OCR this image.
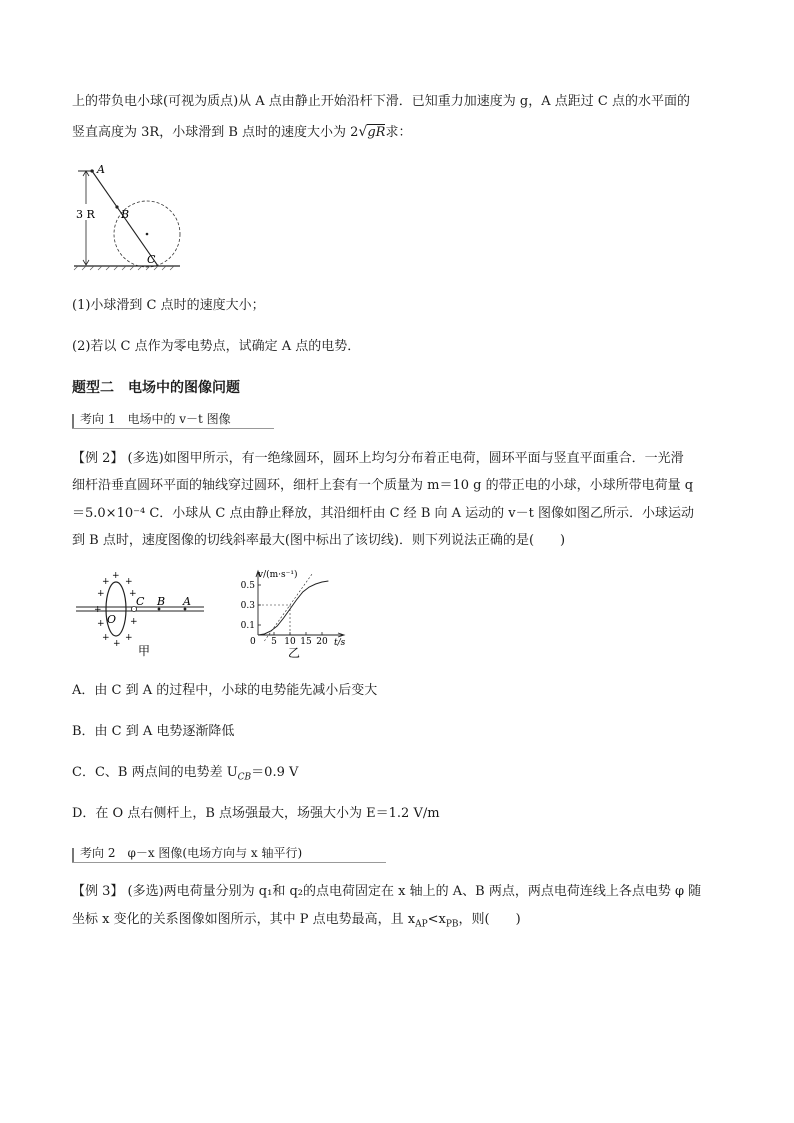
上的带负电小球(可视为质点)从 A 点由静止开始沿杆下滑．已知重力加速度为 g，A 点距过 C 点的水平面的
竖直高度为 3R，小球滑到 B 点时的速度大小为 2√gR求：
3 R
A
B
C
(1)小球滑到 C 点时的速度大小；
(2)若以 C 点作为零电势点，试确定 A 点的电势．
题型二　电场中的图像问题
考向 1　电场中的 v－t 图像
【例 2】 (多选)如图甲所示，有一绝缘圆环，圆环上均匀分布着正电荷，圆环平面与竖直平面重合．一光滑
细杆沿垂直圆环平面的轴线穿过圆环，细杆上套有一个质量为 m＝10 g 的带正电的小球，小球所带电荷量 q
＝5.0×10⁻⁴ C．小球从 C 点由静止释放，其沿细杆由 C 经 B 向 A 运动的 v－t 图像如图乙所示．小球运动
到 B 点时，速度图像的切线斜率最大(图中标出了该切线)．则下列说法正确的是(　　)
+
+ +
+	+
+
+
+
+ +
+
O
C B A
甲
v/(m·s⁻¹)
t/s
0
0.5
0.3
0.1
5 10 15 20
乙
A．由 C 到 A 的过程中，小球的电势能先减小后变大
B．由 C 到 A 电势逐渐降低
C．C、B 两点间的电势差 $U_{CB}=0.9$ V
D．在 O 点右侧杆上，B 点场强最大，场强大小为 E＝1.2 V/m
考向 2　φ－x 图像(电场方向与 x 轴平行)
【例 3】 (多选)两电荷量分别为 q₁和 q₂的点电荷固定在 x 轴上的 A、B 两点，两点电荷连线上各点电势 φ 随
坐标 x 变化的关系图像如图所示，其中 P 点电势最高，且 $x_{AP}<x_{PB}$，则(　　)
